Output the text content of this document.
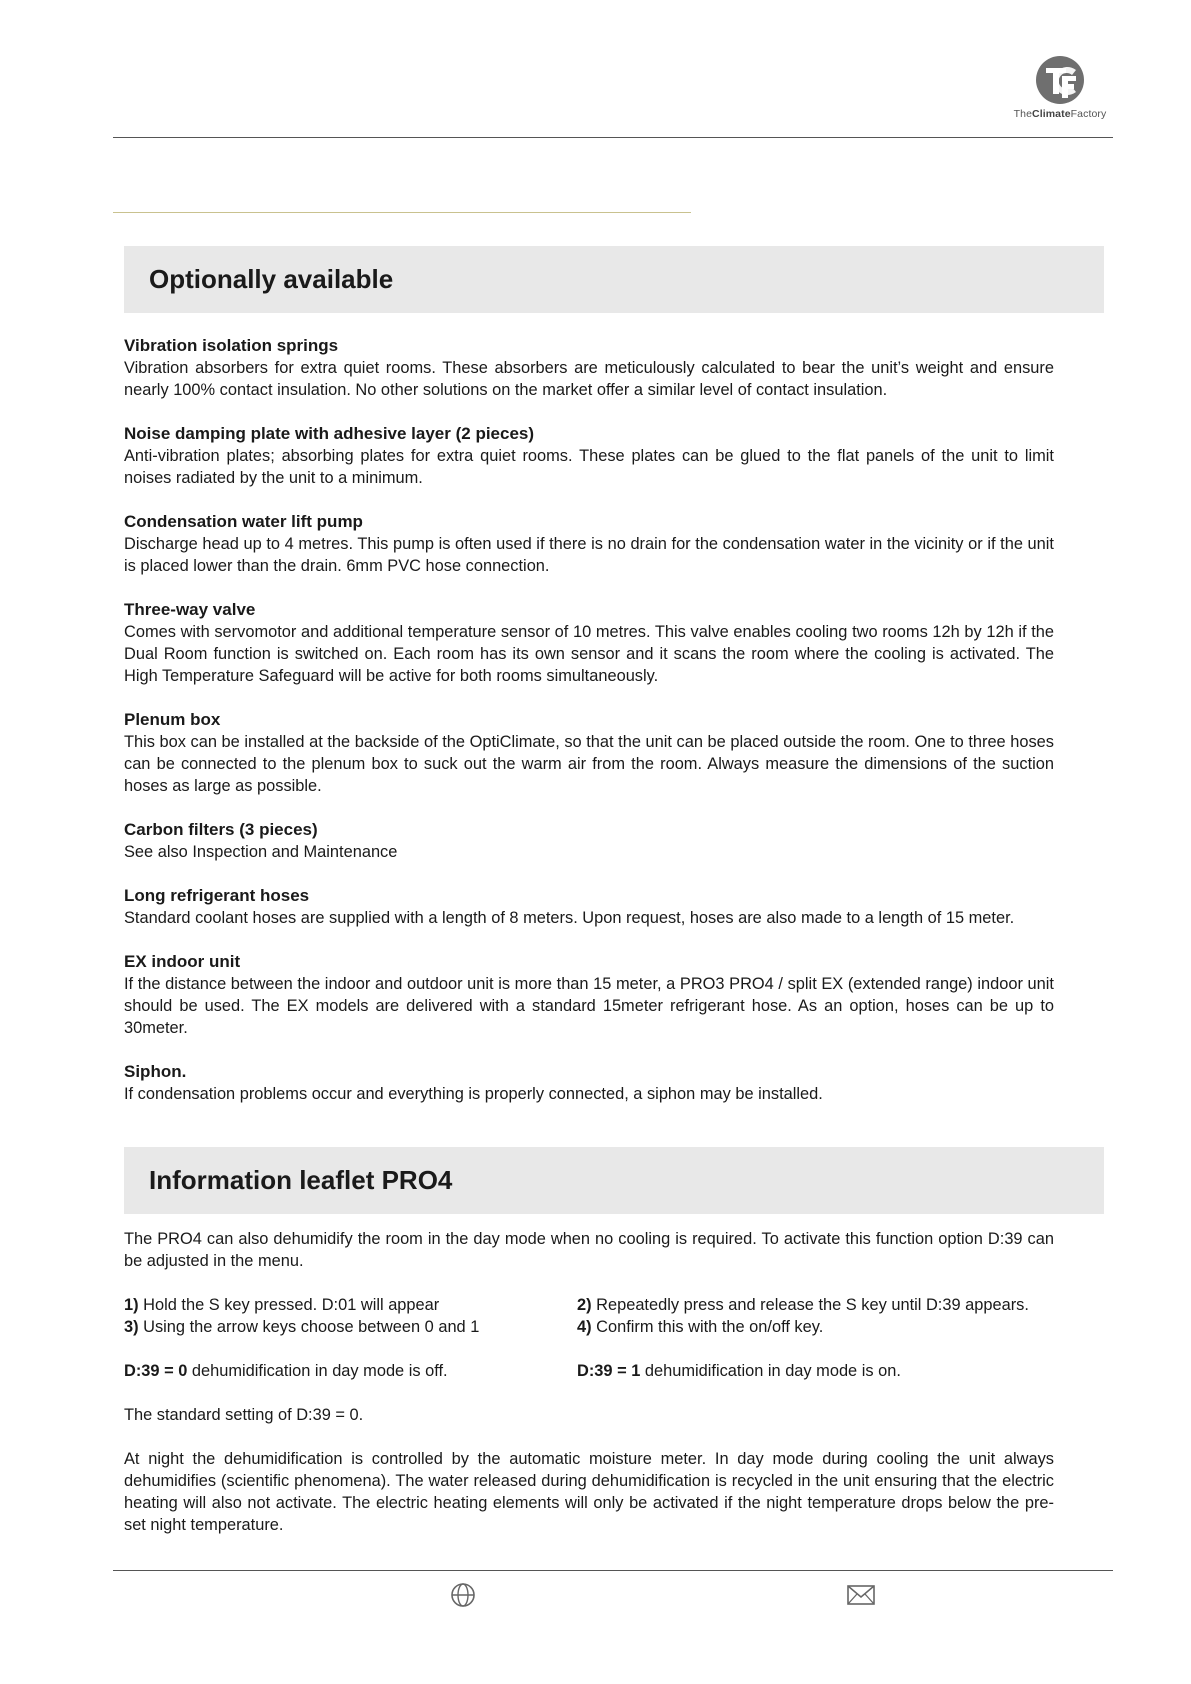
TheClimateFactory
Optionally available
Vibration isolation springs

Vibration absorbers for extra quiet rooms. These absorbers are meticulously calculated to bear the unit’s weight and ensure nearly 100% contact insulation. No other solutions on the market offer a similar level of contact insulation.

Noise damping plate with adhesive layer (2 pieces)

Anti-vibration plates; absorbing plates for extra quiet rooms. These plates can be glued to the flat panels of the unit to limit noises radiated by the unit to a minimum.

Condensation water lift pump

Discharge head up to 4 metres. This pump is often used if there is no drain for the condensation water in the vicinity or if the unit is placed lower than the drain. 6mm PVC hose connection.

Three-way valve

Comes with servomotor and additional temperature sensor of 10 metres. This valve enables cooling two rooms 12h by 12h if the Dual Room function is switched on. Each room has its own sensor and it scans the room where the cooling is activated. The High Temperature Safeguard will be active for both rooms simultaneously.

Plenum box

This box can be installed at the backside of the OptiClimate, so that the unit can be placed outside the room. One to three hoses can be connected to the plenum box to suck out the warm air from the room. Always measure the dimensions of the suction hoses as large as possible.

Carbon filters (3 pieces)

See also Inspection and Maintenance

Long refrigerant hoses

Standard coolant hoses are supplied with a length of 8 meters. Upon request, hoses are also made to a length of 15 meter.

EX indoor unit

If the distance between the indoor and outdoor unit is more than 15 meter, a PRO3 PRO4 / split EX (extended range) indoor unit should be used. The EX models are delivered with a standard 15meter refrigerant hose. As an option, hoses can be up to 30meter.

Siphon.

If condensation problems occur and everything is properly connected, a siphon may be installed.

Information leaflet PRO4

The PRO4 can also dehumidify the room in the day mode when no cooling is required. To activate this function option D:39 can be adjusted in the menu.

1) Hold the S key pressed. D:01 will appear	2) Repeatedly press and release the S key until D:39 appears.
3) Using the arrow keys choose between 0 and 1	4) Confirm this with the on/off key.
D:39 = 0 dehumidification in day mode is off.	D:39 = 1 dehumidification in day mode is on.

The standard setting of D:39 = 0.

At night the dehumidification is controlled by the automatic moisture meter. In day mode during cooling the unit always dehumidifies (scientific phenomena). The water released during dehumidification is recycled in the unit ensuring that the electric heating will also not activate. The electric heating elements will only be activated if the night temperature drops below the pre-set night temperature.
